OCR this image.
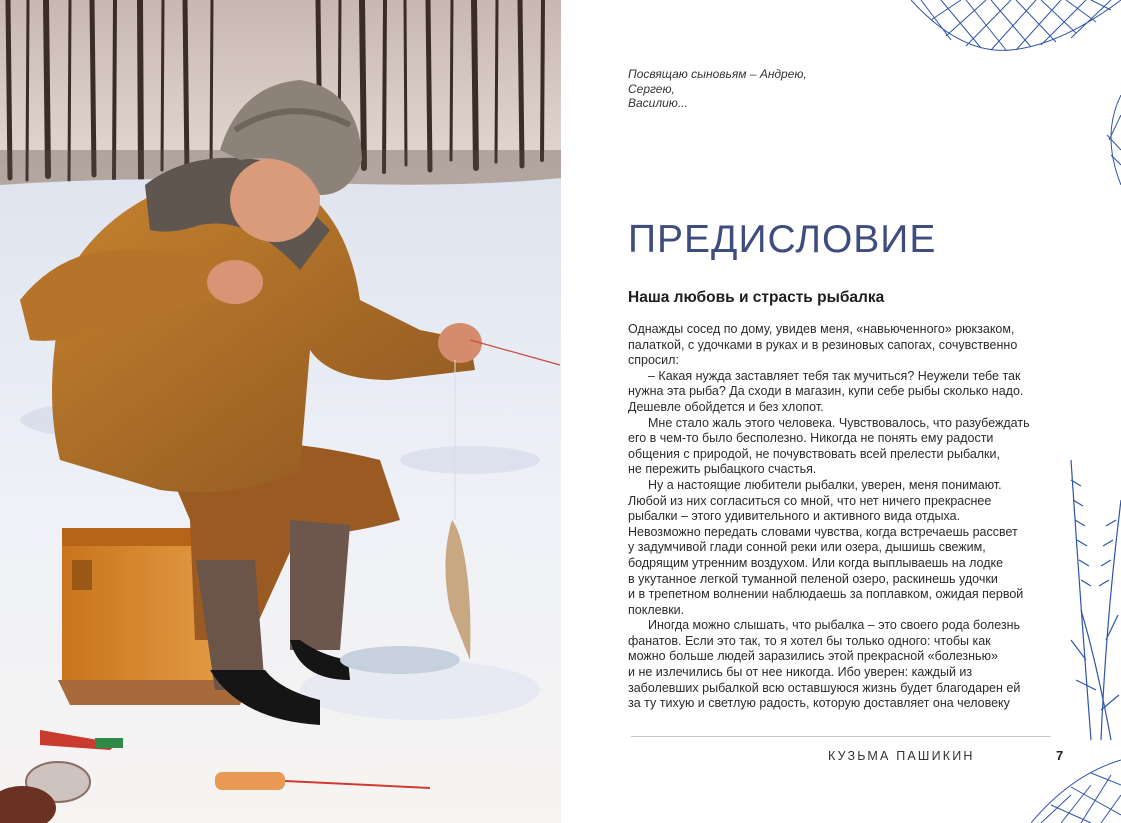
Посвящаю сыновьям – Андрею,
Сергею,
Василию...
ПРЕДИСЛОВИЕ
Наша любовь и страсть рыбалка
Однажды сосед по дому, увидев меня, «навьюченного» рюкзаком,
палаткой, с удочками в руках и в резиновых сапогах, сочувственно
спросил:
– Какая нужда заставляет тебя так мучиться? Неужели тебе так
нужна эта рыба? Да сходи в магазин, купи себе рыбы сколько надо.
Дешевле обойдется и без хлопот.
Мне стало жаль этого человека. Чувствовалось, что разубеждать
его в чем-то было бесполезно. Никогда не понять ему радости
общения с природой, не почувствовать всей прелести рыбалки,
не пережить рыбацкого счастья.
Ну а настоящие любители рыбалки, уверен, меня понимают.
Любой из них согласиться со мной, что нет ничего прекраснее
рыбалки – этого удивительного и активного вида отдыха.
Невозможно передать словами чувства, когда встречаешь рассвет
у задумчивой глади сонной реки или озера, дышишь свежим,
бодрящим утренним воздухом. Или когда выплываешь на лодке
в укутанное легкой туманной пеленой озеро, раскинешь удочки
и в трепетном волнении наблюдаешь за поплавком, ожидая первой
поклевки.
Иногда можно слышать, что рыбалка – это своего рода болезнь
фанатов. Если это так, то я хотел бы только одного: чтобы как
можно больше людей заразились этой прекрасной «болезнью»
и не излечились бы от нее никогда. Ибо уверен: каждый из
заболевших рыбалкой всю оставшуюся жизнь будет благодарен ей
за ту тихую и светлую радость, которую доставляет она человеку
КУЗЬМА ПАШИКИН	7
